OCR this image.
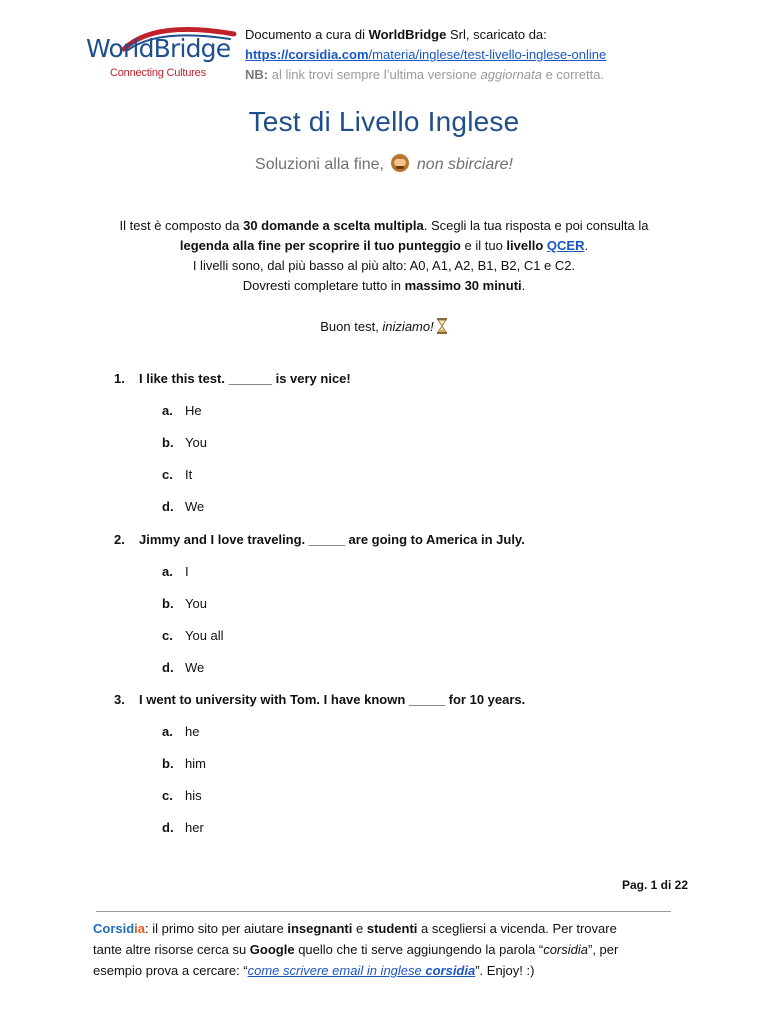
WorldBridge
Connecting Cultures
Documento a cura di WorldBridge Srl, scaricato da:
https://corsidia.com/materia/inglese/test-livello-inglese-online
NB: al link trovi sempre l’ultima versione aggiornata e corretta.
Test di Livello Inglese
Soluzioni alla fine,  non sbirciare!
Il test è composto da 30 domande a scelta multipla. Scegli la tua risposta e poi consulta la
legenda alla fine per scoprire il tuo punteggio e il tuo livello QCER.
I livelli sono, dal più basso al più alto: A0, A1, A2, B1, B2, C1 e C2.
Dovresti completare tutto in massimo 30 minuti.
Buon test, iniziamo!
1. I like this test. ______ is very nice!
a. He
b. You
c. It
d. We
2. Jimmy and I love traveling. _____ are going to America in July.
a. I
b. You
c. You all
d. We
3. I went to university with Tom. I have known _____ for 10 years.
a. he
b. him
c. his
d. her
Pag. 1 di 22
Corsidia: il primo sito per aiutare insegnanti e studenti a scegliersi a vicenda. Per trovare
tante altre risorse cerca su Google quello che ti serve aggiungendo la parola “corsidia”, per
esempio prova a cercare: “come scrivere email in inglese corsidia”. Enjoy! :)
